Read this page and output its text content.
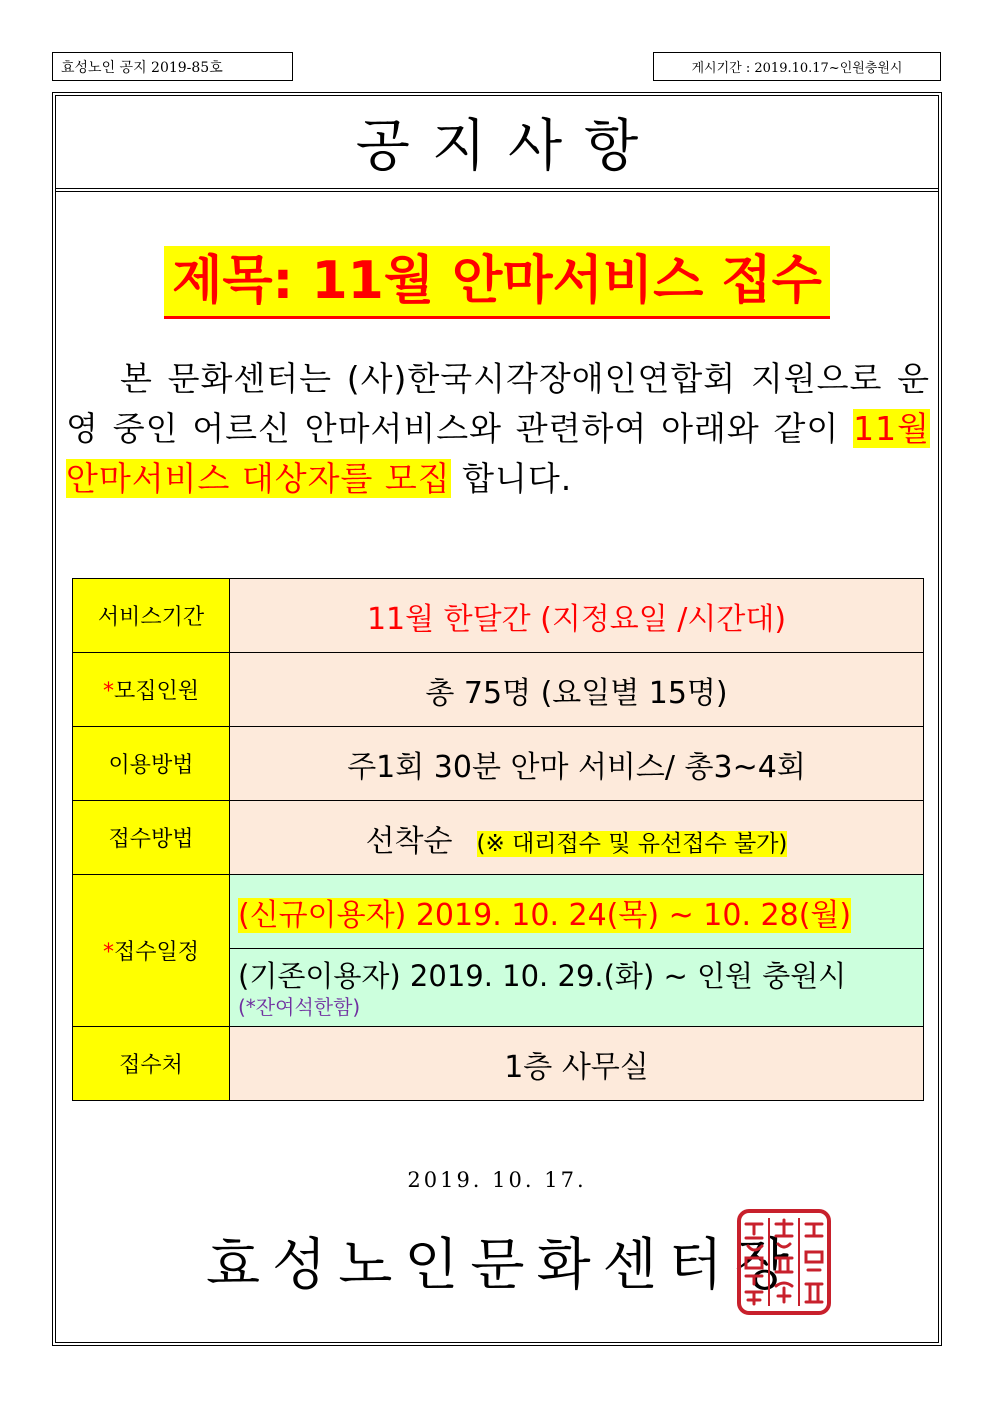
효성노인 공지 2019-85호	게시기간 : 2019.10.17~인원충원시
공지사항
제목: 11월 안마서비스 접수
본 문화센터는 (사)한국시각장애인연합회 지원으로 운영 중인 어르신 안마서비스와 관련하여 아래와 같이 11월 안마서비스 대상자를 모집 합니다.
서비스기간	11월 한달간 (지정요일 /시간대)
*모집인원	총 75명 (요일별 15명)
이용방법	주1회 30분 안마 서비스/ 총3~4회
접수방법	선착순 (※ 대리접수 및 유선접수 불가)
*접수일정	(신규이용자) 2019. 10. 24(목) ~ 10. 28(월)
	(기존이용자) 2019. 10. 29.(화) ~ 인원 충원시
(*잔여석한함)

접수처	1층 사무실
2019. 10. 17.
효성노인문화센터장
